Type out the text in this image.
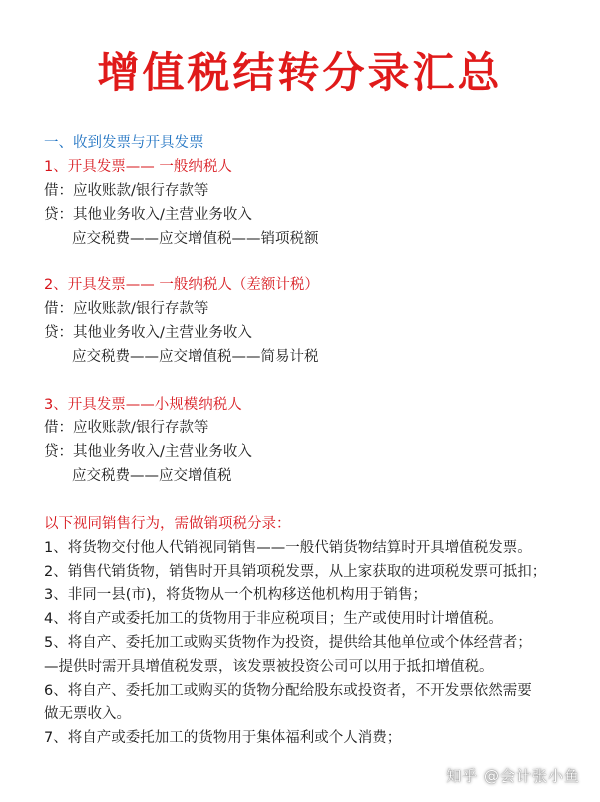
增值税结转分录汇总
一、收到发票与开具发票
1、开具发票—— 一般纳税人
借：应收账款/银行存款等
贷：其他业务收入/主营业务收入
应交税费——应交增值税——销项税额
2、开具发票—— 一般纳税人（差额计税）
借：应收账款/银行存款等
贷：其他业务收入/主营业务收入
应交税费——应交增值税——简易计税
3、开具发票——小规模纳税人
借：应收账款/银行存款等
贷：其他业务收入/主营业务收入
应交税费——应交增值税
以下视同销售行为，需做销项税分录：
1、将货物交付他人代销视同销售——一般代销货物结算时开具增值税发票。
2、销售代销货物，销售时开具销项税发票，从上家获取的进项税发票可抵扣；
3、非同一县(市)，将货物从一个机构移送他机构用于销售；
4、将自产或委托加工的货物用于非应税项目；生产或使用时计增值税。
5、将自产、委托加工或购买货物作为投资，提供给其他单位或个体经营者；
—提供时需开具增值税发票，该发票被投资公司可以用于抵扣增值税。
6、将自产、委托加工或购买的货物分配给股东或投资者，不开发票依然需要
做无票收入。
7、将自产或委托加工的货物用于集体福利或个人消费；
知乎 @会计张小鱼
